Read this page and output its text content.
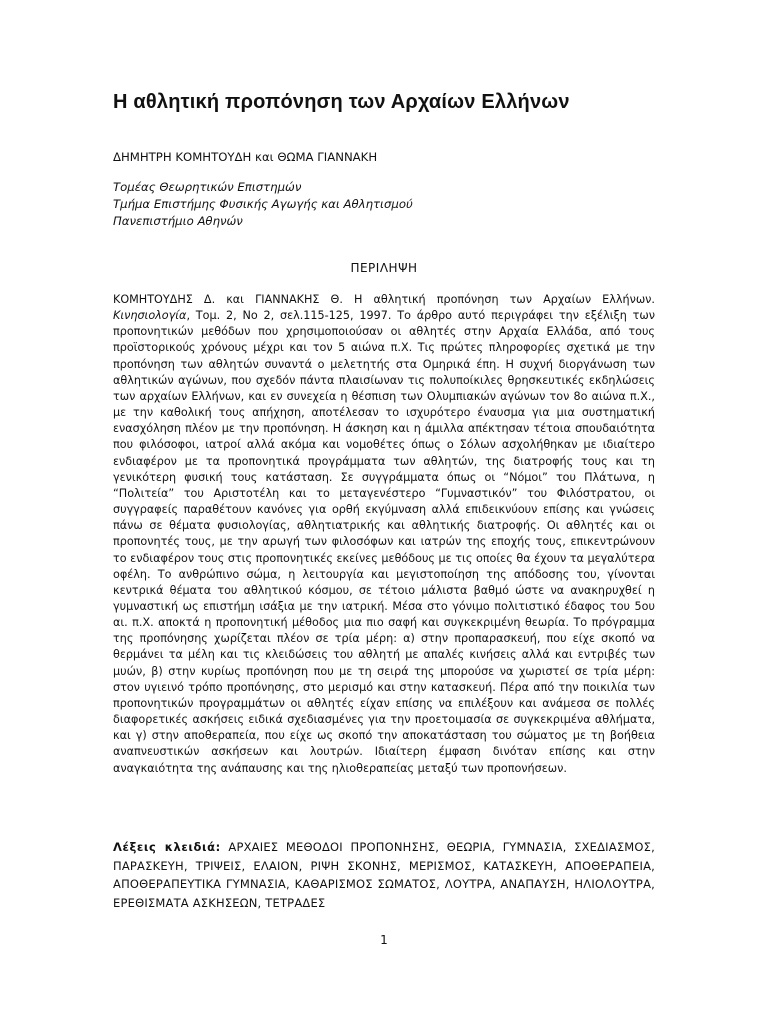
Η αθλητική προπόνηση των Αρχαίων Ελλήνων
ΔΗΜΗΤΡΗ ΚΟΜΗΤΟΥΔΗ και ΘΩΜΑ ΓΙΑΝΝΑΚΗ
Τομέας Θεωρητικών Επιστημών
Τμήμα Επιστήμης Φυσικής Αγωγής και Αθλητισμού
Πανεπιστήμιο Αθηνών
ΠΕΡΙΛΗΨΗ
ΚΟΜΗΤΟΥΔΗΣ Δ. και ΓΙΑΝΝΑΚΗΣ Θ. Η αθλητική προπόνηση των Αρχαίων Ελλήνων. Κινησιολογία, Τομ. 2, Νο 2, σελ.115-125, 1997. Το άρθρο αυτό περιγράφει την εξέλιξη των προπονητικών μεθόδων που χρησιμοποιούσαν οι αθλητές στην Αρχαία Ελλάδα, από τους προϊστορικούς χρόνους μέχρι και τον 5 αιώνα π.Χ. Τις πρώτες πληροφορίες σχετικά με την προπόνηση των αθλητών συναντά ο μελετητής στα Ομηρικά έπη. Η συχνή διοργάνωση των αθλητικών αγώνων, που σχεδόν πάντα πλαισίωναν τις πολυποίκιλες θρησκευτικές εκδηλώσεις των αρχαίων Ελλήνων, και εν συνεχεία η θέσπιση των Ολυμπιακών αγώνων τον 8ο αιώνα π.Χ., με την καθολική τους απήχηση, αποτέλεσαν το ισχυρότερο έναυσμα για μια συστηματική ενασχόληση πλέον με την προπόνηση. Η άσκηση και η άμιλλα απέκτησαν τέτοια σπουδαιότητα που φιλόσοφοι, ιατροί αλλά ακόμα και νομοθέτες όπως ο Σόλων ασχολήθηκαν με ιδιαίτερο ενδιαφέρον με τα προπονητικά προγράμματα των αθλητών, της διατροφής τους και τη γενικότερη φυσική τους κατάσταση. Σε συγγράμματα όπως οι “Νόμοι” του Πλάτωνα, η “Πολιτεία” του Αριστοτέλη και το μεταγενέστερο “Γυμναστικόν” του Φιλόστρατου, οι συγγραφείς παραθέτουν κανόνες για ορθή εκγύμναση αλλά επιδεικνύουν επίσης και γνώσεις πάνω σε θέματα φυσιολογίας, αθλητιατρικής και αθλητικής διατροφής. Οι αθλητές και οι προπονητές τους, με την αρωγή των φιλοσόφων και ιατρών της εποχής τους, επικεντρώνουν το ενδιαφέρον τους στις προπονητικές εκείνες μεθόδους με τις οποίες θα έχουν τα μεγαλύτερα οφέλη. Το ανθρώπινο σώμα, η λειτουργία και μεγιστοποίηση της απόδοσης του, γίνονται κεντρικά θέματα του αθλητικού κόσμου, σε τέτοιο μάλιστα βαθμό ώστε να ανακηρυχθεί η γυμναστική ως επιστήμη ισάξια με την ιατρική. Μέσα στο γόνιμο πολιτιστικό έδαφος του 5ου αι. π.Χ. αποκτά η προπονητική μέθοδος μια πιο σαφή και συγκεκριμένη θεωρία. Το πρόγραμμα της προπόνησης χωρίζεται πλέον σε τρία μέρη: α) στην προπαρασκευή, που είχε σκοπό να θερμάνει τα μέλη και τις κλειδώσεις του αθλητή με απαλές κινήσεις αλλά και εντριβές των μυών, β) στην κυρίως προπόνηση που με τη σειρά της μπορούσε να χωριστεί σε τρία μέρη: στον υγιεινό τρόπο προπόνησης, στο μερισμό και στην κατασκευή. Πέρα από την ποικιλία των προπονητικών προγραμμάτων οι αθλητές είχαν επίσης να επιλέξουν και ανάμεσα σε πολλές διαφορετικές ασκήσεις ειδικά σχεδιασμένες για την προετοιμασία σε συγκεκριμένα αθλήματα, και γ) στην αποθεραπεία, που είχε ως σκοπό την αποκατάσταση του σώματος με τη βοήθεια αναπνευστικών ασκήσεων και λουτρών. Ιδιαίτερη έμφαση δινόταν επίσης και στην αναγκαιότητα της ανάπαυσης και της ηλιοθεραπείας μεταξύ των προπονήσεων.
Λέξεις κλειδιά: ΑΡΧΑΙΕΣ ΜΕΘΟΔΟΙ ΠΡΟΠΟΝΗΣΗΣ, ΘΕΩΡΙΑ, ΓΥΜΝΑΣΙΑ, ΣΧΕΔΙΑΣΜΟΣ, ΠΑΡΑΣΚΕΥΗ, ΤΡΙΨΕΙΣ, ΕΛΑΙΟΝ, ΡΙΨΗ ΣΚΟΝΗΣ, ΜΕΡΙΣΜΟΣ, ΚΑΤΑΣΚΕΥΗ, ΑΠΟΘΕΡΑΠΕΙΑ, ΑΠΟΘΕΡΑΠΕΥΤΙΚΑ ΓΥΜΝΑΣΙΑ, ΚΑΘΑΡΙΣΜΟΣ ΣΩΜΑΤΟΣ, ΛΟΥΤΡΑ, ΑΝΑΠΑΥΣΗ, ΗΛΙΟΛΟΥΤΡΑ, ΕΡΕΘΙΣΜΑΤΑ ΑΣΚΗΣΕΩΝ, ΤΕΤΡΑΔΕΣ
1
